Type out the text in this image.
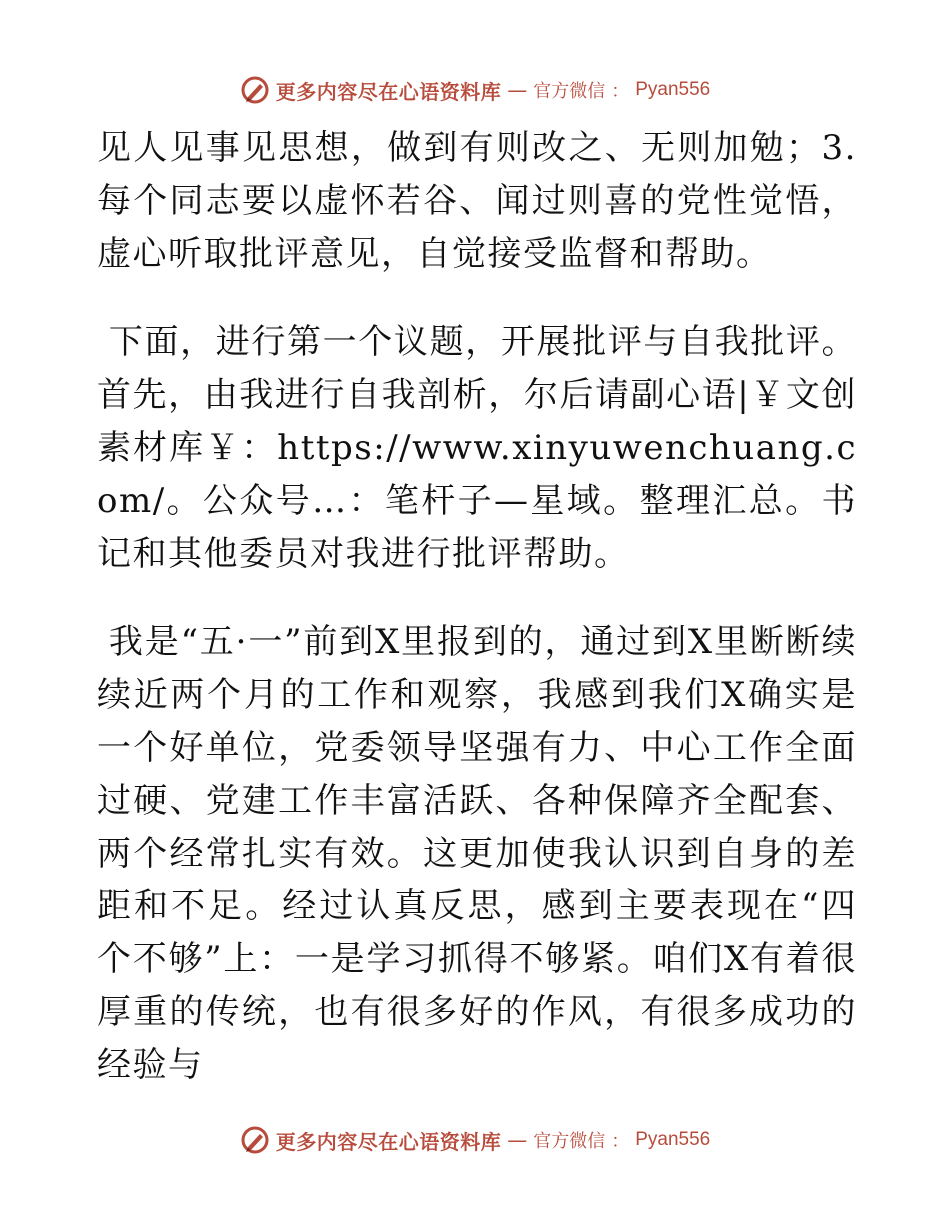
更多内容尽在心语资料库 — 官方微信 ： Pyan556

见人见事见思想，做到有则改之、无则加勉；3.每个同志要以虚怀若谷、闻过则喜的党性觉悟，虚心听取批评意见，自觉接受监督和帮助。

下面，进行第一个议题，开展批评与自我批评。首先，由我进行自我剖析，尔后请副心语|￥文创素材库￥：https://www.xinyuwenchuang.com/。公众号…：笔杆子—星域。整理汇总。书记和其他委员对我进行批评帮助。

我是“五·一”前到X里报到的，通过到X里断断续续近两个月的工作和观察，我感到我们X确实是一个好单位，党委领导坚强有力、中心工作全面过硬、党建工作丰富活跃、各种保障齐全配套、两个经常扎实有效。这更加使我认识到自身的差距和不足。经过认真反思，感到主要表现在“四个不够”上：一是学习抓得不够紧。咱们X有着很厚重的传统，也有很多好的作风，有很多成功的经验与

更多内容尽在心语资料库 — 官方微信 ： Pyan556
